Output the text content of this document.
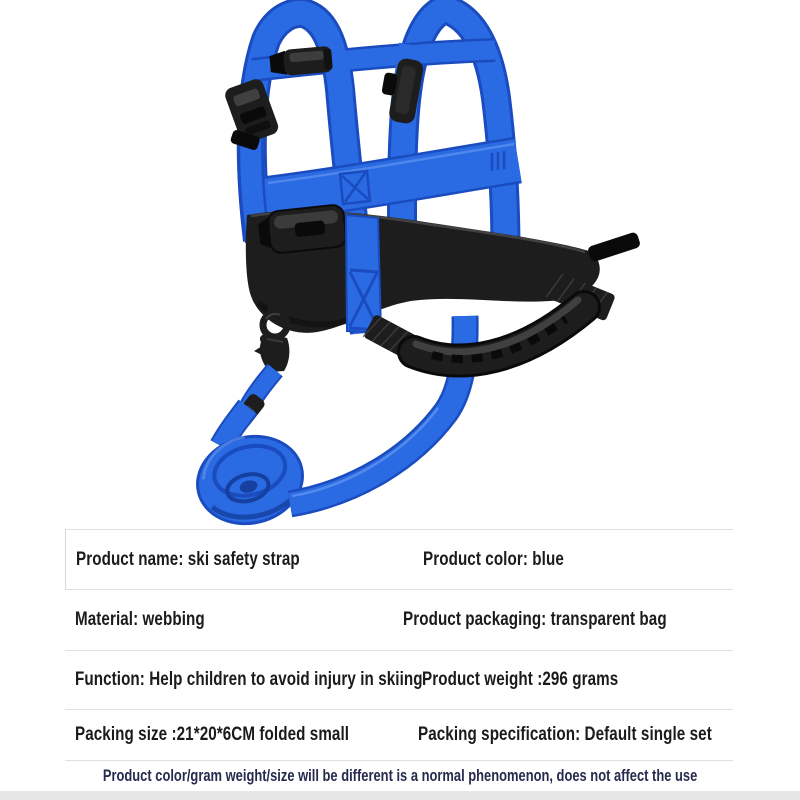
Product name: ski safety strap	Product color: blue
Material: webbing	Product packaging: transparent bag
Function: Help children to avoid injury in skiing Product weight :296 grams
Packing size :21*20*6CM folded small	Packing specification: Default single set
Product color/gram weight/size will be different is a normal phenomenon, does not affect the use
